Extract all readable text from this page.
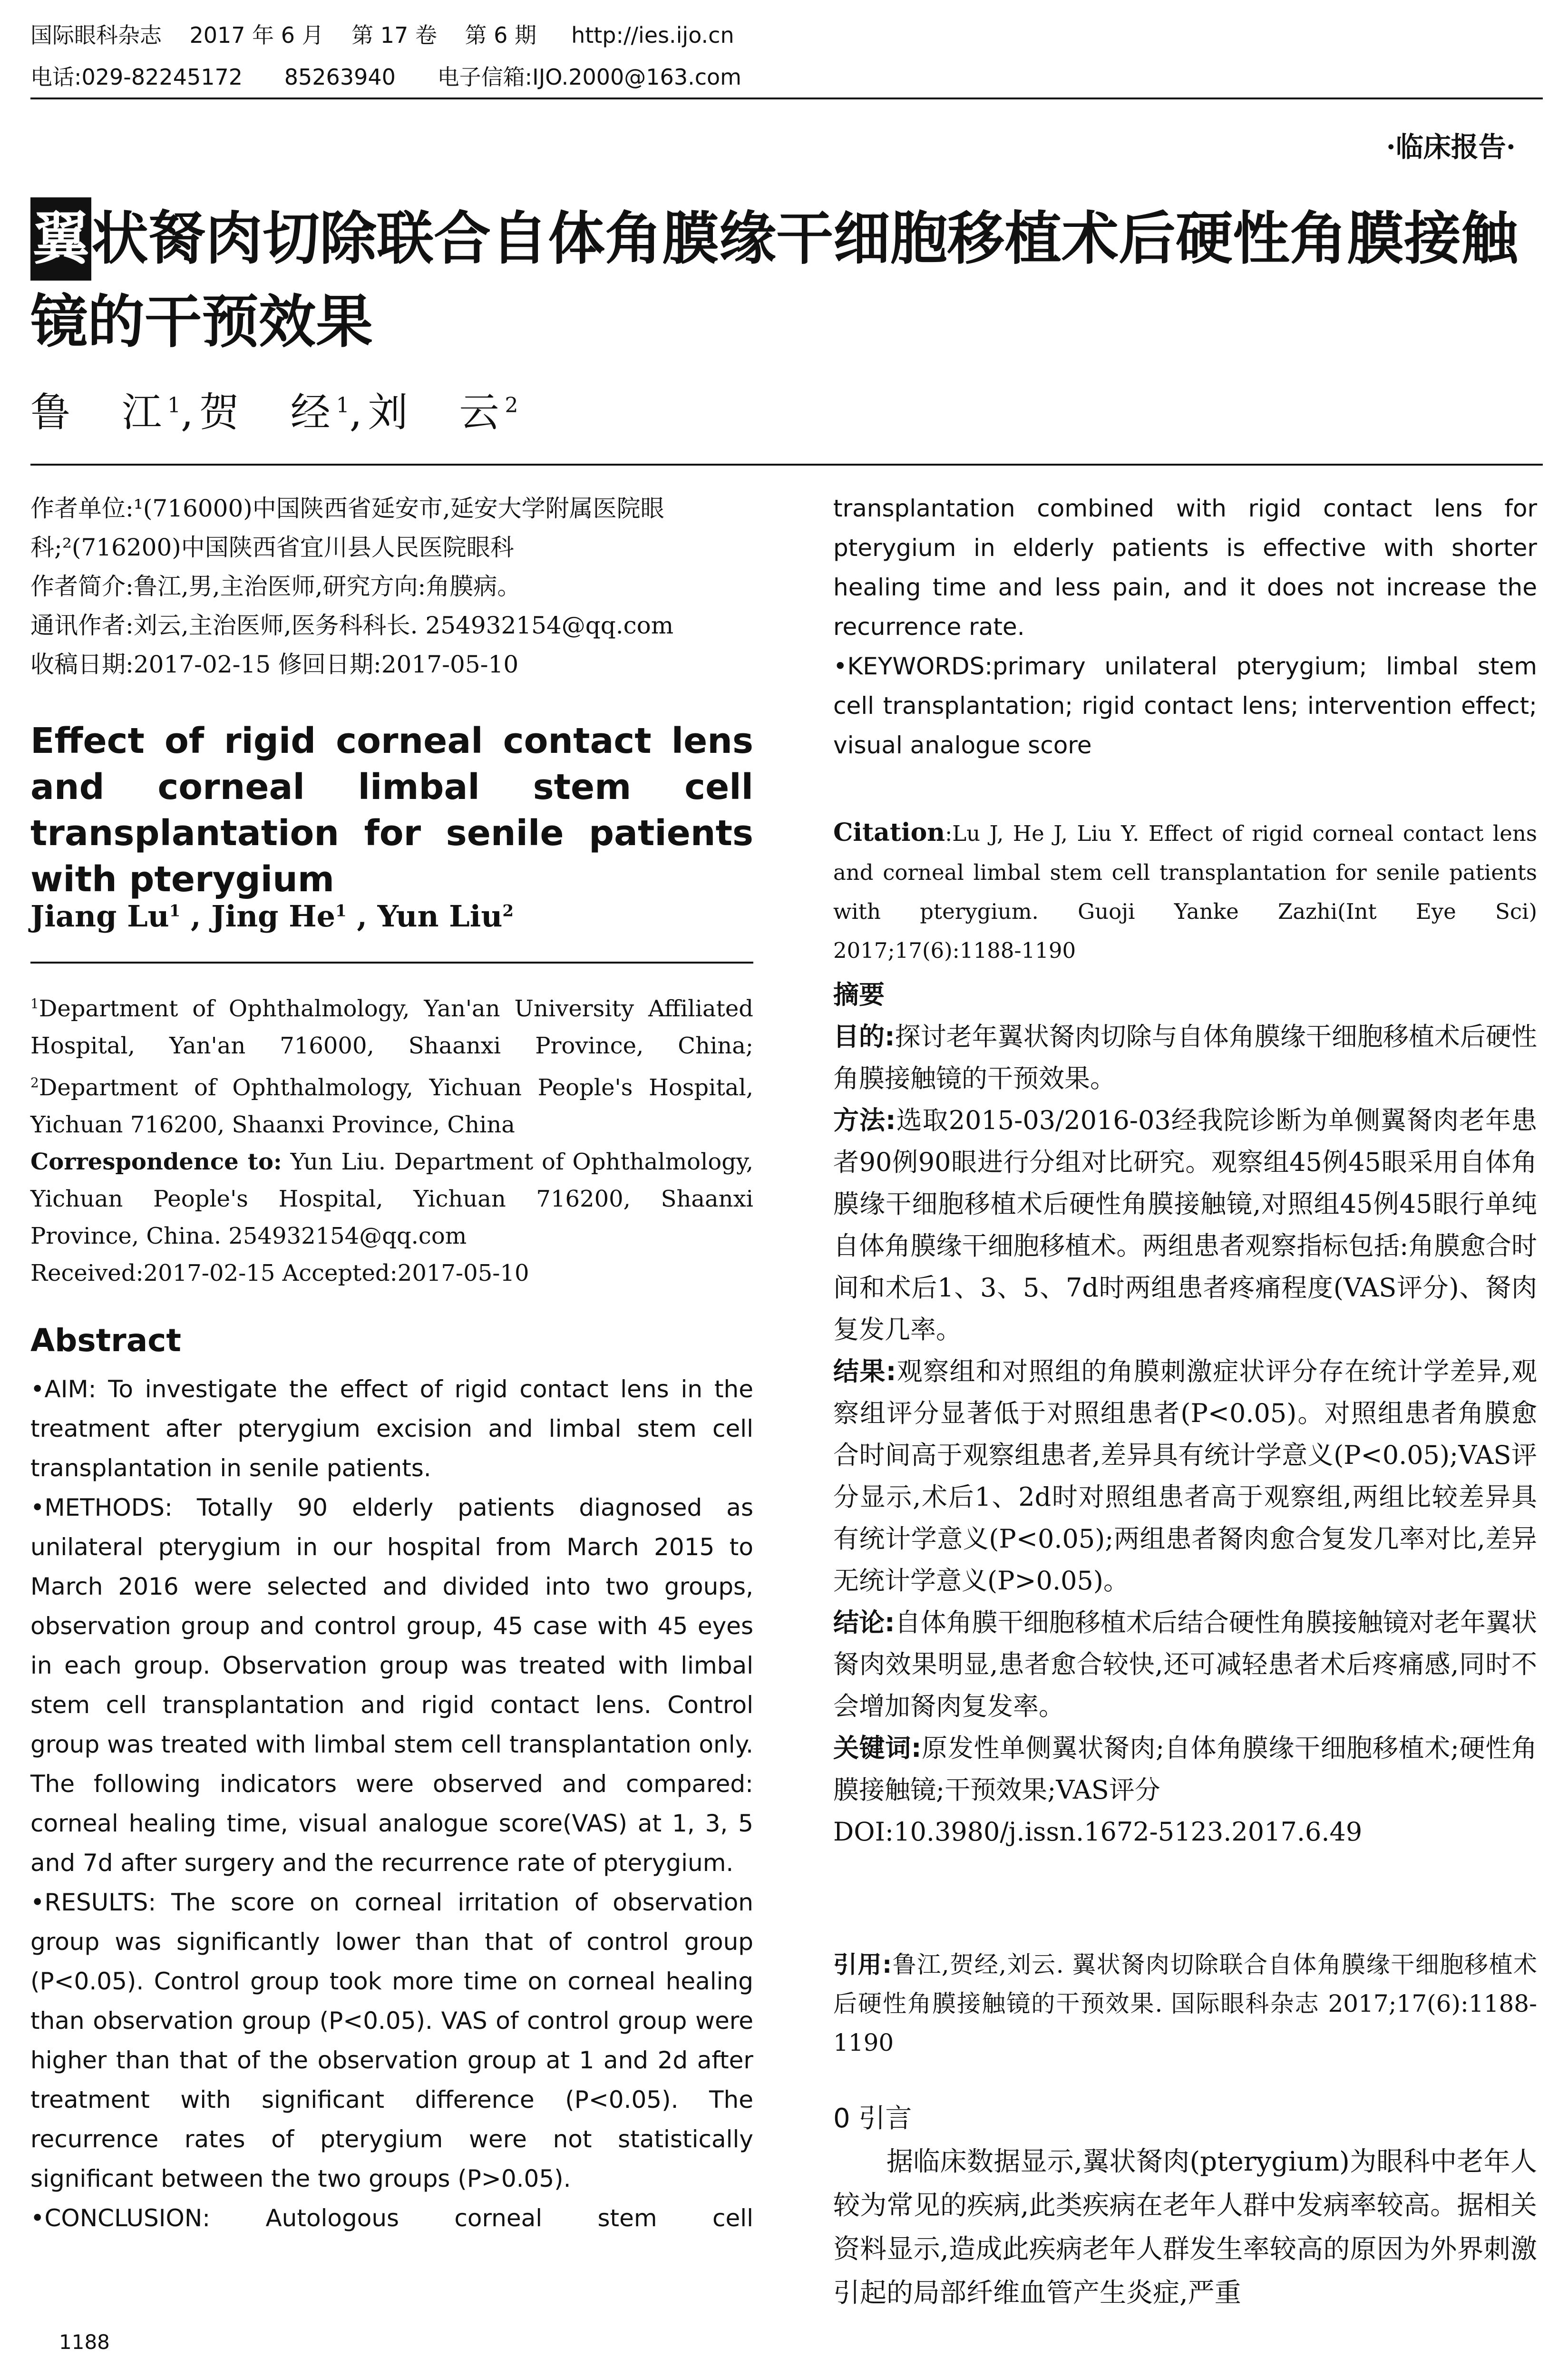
国际眼科杂志    2017 年 6 月    第 17 卷    第 6 期     http://ies.ijo.cn
电话:029-82245172      85263940      电子信箱:IJO.2000@163.com
·临床报告·
翼状胬肉切除联合自体角膜缘干细胞移植术后硬性角膜接触镜的干预效果
鲁　江$^1$,贺　经$^1$,刘　云$^2$
作者单位:¹(716000)中国陕西省延安市,延安大学附属医院眼科;²(716200)中国陕西省宜川县人民医院眼科
作者简介:鲁江,男,主治医师,研究方向:角膜病。
通讯作者:刘云,主治医师,医务科科长. 254932154@qq.com
收稿日期:2017-02-15 修回日期:2017-05-10
Effect of rigid corneal contact lens and corneal limbal stem cell transplantation for senile patients with pterygium
Jiang Lu$^1$ , Jing He$^1$ , Yun Liu$^2$
$^1$Department of Ophthalmology, Yan'an University Affiliated Hospital, Yan'an 716000, Shaanxi Province, China; $^2$Department of Ophthalmology, Yichuan People's Hospital, Yichuan 716200, Shaanxi Province, China
Correspondence to: Yun Liu. Department of Ophthalmology, Yichuan People's Hospital, Yichuan 716200, Shaanxi Province, China. 254932154@qq.com
Received:2017-02-15 Accepted:2017-05-10
Abstract
•AIM: To investigate the effect of rigid contact lens in the treatment after pterygium excision and limbal stem cell transplantation in senile patients.
•METHODS: Totally 90 elderly patients diagnosed as unilateral pterygium in our hospital from March 2015 to March 2016 were selected and divided into two groups, observation group and control group, 45 case with 45 eyes in each group. Observation group was treated with limbal stem cell transplantation and rigid contact lens. Control group was treated with limbal stem cell transplantation only. The following indicators were observed and compared: corneal healing time, visual analogue score(VAS) at 1, 3, 5 and 7d after surgery and the recurrence rate of pterygium.
•RESULTS: The score on corneal irritation of observation group was significantly lower than that of control group (P<0.05). Control group took more time on corneal healing than observation group (P<0.05). VAS of control group were higher than that of the observation group at 1 and 2d after treatment with significant difference (P<0.05). The recurrence rates of pterygium were not statistically significant between the two groups (P>0.05).
•CONCLUSION: Autologous corneal stem cell
transplantation combined with rigid contact lens for pterygium in elderly patients is effective with shorter healing time and less pain, and it does not increase the recurrence rate.
•KEYWORDS:primary unilateral pterygium; limbal stem cell transplantation; rigid contact lens; intervention effect; visual analogue score
Citation:Lu J, He J, Liu Y. Effect of rigid corneal contact lens and corneal limbal stem cell transplantation for senile patients with pterygium. Guoji Yanke Zazhi(Int Eye Sci) 2017;17(6):1188-1190
摘要
目的:探讨老年翼状胬肉切除与自体角膜缘干细胞移植术后硬性角膜接触镜的干预效果。
方法:选取2015-03/2016-03经我院诊断为单侧翼胬肉老年患者90例90眼进行分组对比研究。观察组45例45眼采用自体角膜缘干细胞移植术后硬性角膜接触镜,对照组45例45眼行单纯自体角膜缘干细胞移植术。两组患者观察指标包括:角膜愈合时间和术后1、3、5、7d时两组患者疼痛程度(VAS评分)、胬肉复发几率。
结果:观察组和对照组的角膜刺激症状评分存在统计学差异,观察组评分显著低于对照组患者(P<0.05)。对照组患者角膜愈合时间高于观察组患者,差异具有统计学意义(P<0.05);VAS评分显示,术后1、2d时对照组患者高于观察组,两组比较差异具有统计学意义(P<0.05);两组患者胬肉愈合复发几率对比,差异无统计学意义(P>0.05)。
结论:自体角膜干细胞移植术后结合硬性角膜接触镜对老年翼状胬肉效果明显,患者愈合较快,还可减轻患者术后疼痛感,同时不会增加胬肉复发率。
关键词:原发性单侧翼状胬肉;自体角膜缘干细胞移植术;硬性角膜接触镜;干预效果;VAS评分
DOI:10.3980/j.issn.1672-5123.2017.6.49
引用:鲁江,贺经,刘云. 翼状胬肉切除联合自体角膜缘干细胞移植术后硬性角膜接触镜的干预效果. 国际眼科杂志 2017;17(6):1188-1190
0 引言
据临床数据显示,翼状胬肉(pterygium)为眼科中老年人较为常见的疾病,此类疾病在老年人群中发病率较高。据相关资料显示,造成此疾病老年人群发生率较高的原因为外界刺激引起的局部纤维血管产生炎症,严重
1188
